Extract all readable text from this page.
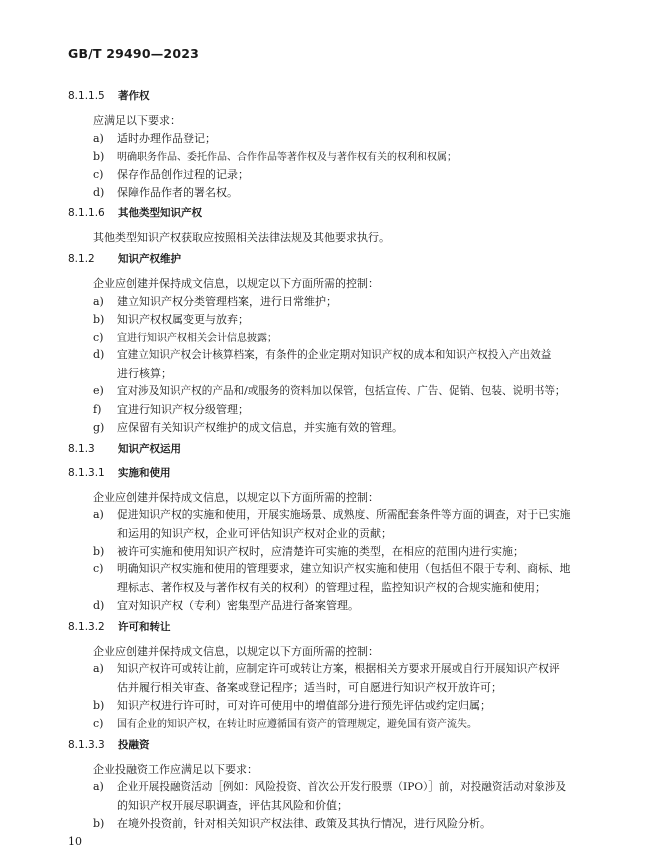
GB/T 29490—2023
8.1.1.5 著作权
应满足以下要求：
a) 适时办理作品登记；
b) 明确职务作品、委托作品、合作作品等著作权及与著作权有关的权利和权属；
c) 保存作品创作过程的记录；
d) 保障作品作者的署名权。
8.1.1.6 其他类型知识产权
其他类型知识产权获取应按照相关法律法规及其他要求执行。
8.1.2 知识产权维护
企业应创建并保持成文信息，以规定以下方面所需的控制：
a) 建立知识产权分类管理档案，进行日常维护；
b) 知识产权权属变更与放弃；
c) 宜进行知识产权相关会计信息披露；
d) 宜建立知识产权会计核算档案，有条件的企业定期对知识产权的成本和知识产权投入产出效益
进行核算；
e) 宜对涉及知识产权的产品和/或服务的资料加以保管，包括宣传、广告、促销、包装、说明书等；
f) 宜进行知识产权分级管理；
g) 应保留有关知识产权维护的成文信息，并实施有效的管理。
8.1.3 知识产权运用
8.1.3.1 实施和使用
企业应创建并保持成文信息，以规定以下方面所需的控制：
a) 促进知识产权的实施和使用，开展实施场景、成熟度、所需配套条件等方面的调查，对于已实施
和运用的知识产权，企业可评估知识产权对企业的贡献；
b) 被许可实施和使用知识产权时，应清楚许可实施的类型，在相应的范围内进行实施；
c) 明确知识产权实施和使用的管理要求，建立知识产权实施和使用（包括但不限于专利、商标、地
理标志、著作权及与著作权有关的权利）的管理过程，监控知识产权的合规实施和使用；
d) 宜对知识产权（专利）密集型产品进行备案管理。
8.1.3.2 许可和转让
企业应创建并保持成文信息，以规定以下方面所需的控制：
a) 知识产权许可或转让前，应制定许可或转让方案，根据相关方要求开展或自行开展知识产权评
估并履行相关审查、备案或登记程序；适当时，可自愿进行知识产权开放许可；
b) 知识产权进行许可时，可对许可使用中的增值部分进行预先评估或约定归属；
c) 国有企业的知识产权，在转让时应遵循国有资产的管理规定，避免国有资产流失。
8.1.3.3 投融资
企业投融资工作应满足以下要求：
a) 企业开展投融资活动［例如：风险投资、首次公开发行股票（IPO）］前，对投融资活动对象涉及
的知识产权开展尽职调查，评估其风险和价值；
b) 在境外投资前，针对相关知识产权法律、政策及其执行情况，进行风险分析。
10
